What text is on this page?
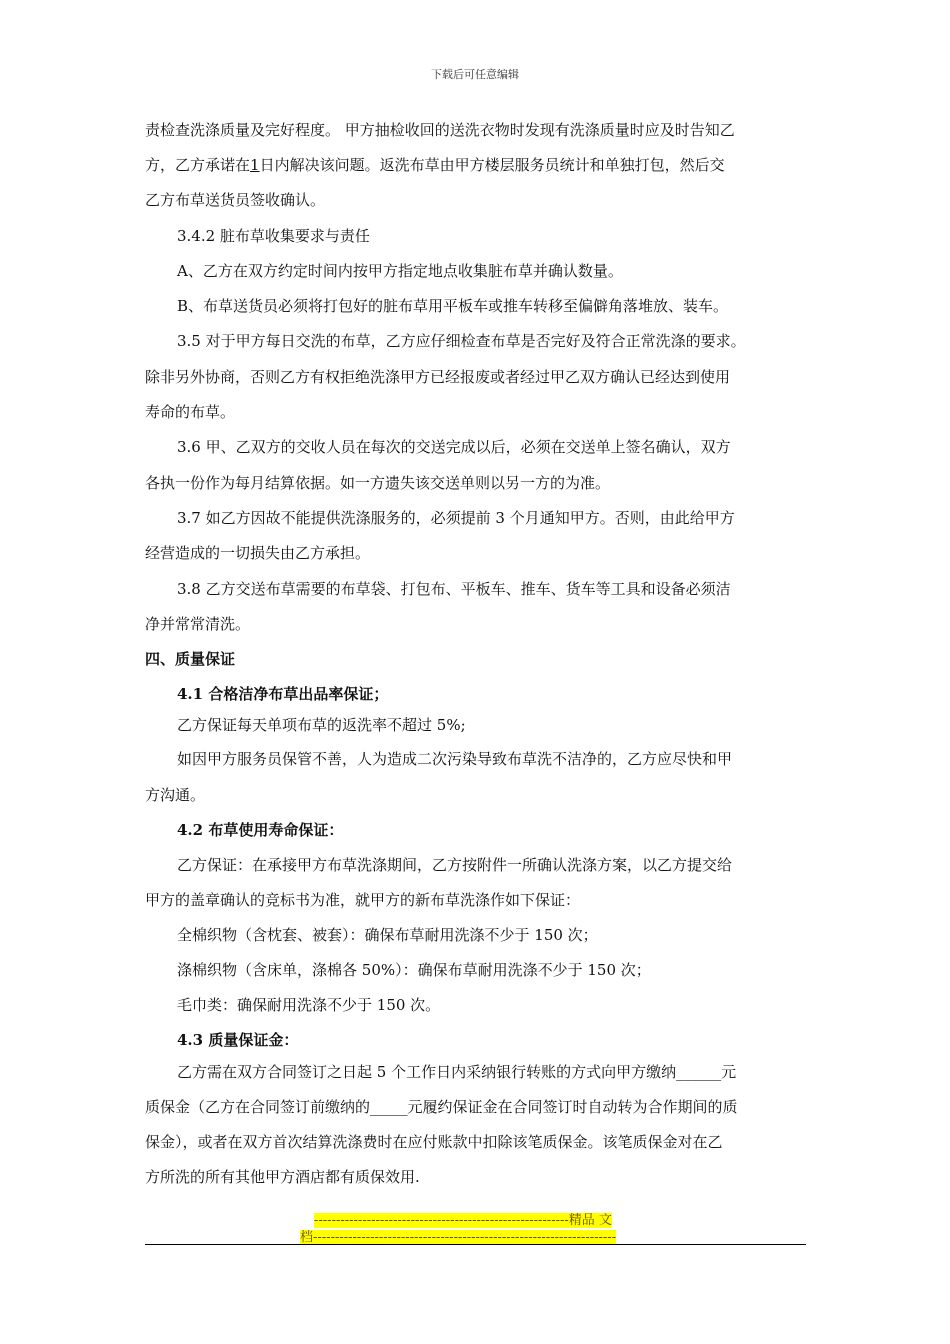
下载后可任意编辑
责检查洗涤质量及完好程度。 甲方抽检收回的送洗衣物时发现有洗涤质量时应及时告知乙
方，乙方承诺在1日内解决该问题。返洗布草由甲方楼层服务员统计和单独打包，然后交
乙方布草送货员签收确认。
3.4.2 脏布草收集要求与责任
A、乙方在双方约定时间内按甲方指定地点收集脏布草并确认数量。
B、布草送货员必须将打包好的脏布草用平板车或推车转移至偏僻角落堆放、装车。
3.5 对于甲方每日交洗的布草，乙方应仔细检查布草是否完好及符合正常洗涤的要求。
除非另外协商，否则乙方有权拒绝洗涤甲方已经报废或者经过甲乙双方确认已经达到使用
寿命的布草。
3.6 甲、乙双方的交收人员在每次的交送完成以后，必须在交送单上签名确认，双方
各执一份作为每月结算依据。如一方遗失该交送单则以另一方的为准。
3.7 如乙方因故不能提供洗涤服务的，必须提前 3 个月通知甲方。否则，由此给甲方
经营造成的一切损失由乙方承担。
3.8 乙方交送布草需要的布草袋、打包布、平板车、推车、货车等工具和设备必须洁
净并常常清洗。
四、质量保证
4.1 合格洁净布草出品率保证；
乙方保证每天单项布草的返洗率不超过 5%;
如因甲方服务员保管不善，人为造成二次污染导致布草洗不洁净的，乙方应尽快和甲
方沟通。
4.2 布草使用寿命保证：
乙方保证：在承接甲方布草洗涤期间，乙方按附件一所确认洗涤方案，以乙方提交给
甲方的盖章确认的竞标书为准，就甲方的新布草洗涤作如下保证：
全棉织物（含枕套、被套）：确保布草耐用洗涤不少于 150 次；
涤棉织物（含床单，涤棉各 50%）：确保布草耐用洗涤不少于 150 次；
毛巾类：确保耐用洗涤不少于 150 次。
4.3 质量保证金：
乙方需在双方合同签订之日起 5 个工作日内采纳银行转账的方式向甲方缴纳______元
质保金（乙方在合同签订前缴纳的_____元履约保证金在合同签订时自动转为合作期间的质
保金），或者在双方首次结算洗涤费时在应付账款中扣除该笔质保金。该笔质保金对在乙
方所洗的所有其他甲方酒店都有质保效用.
----------------------------------------------------------精品 文
档---------------------------------------------------------------------
